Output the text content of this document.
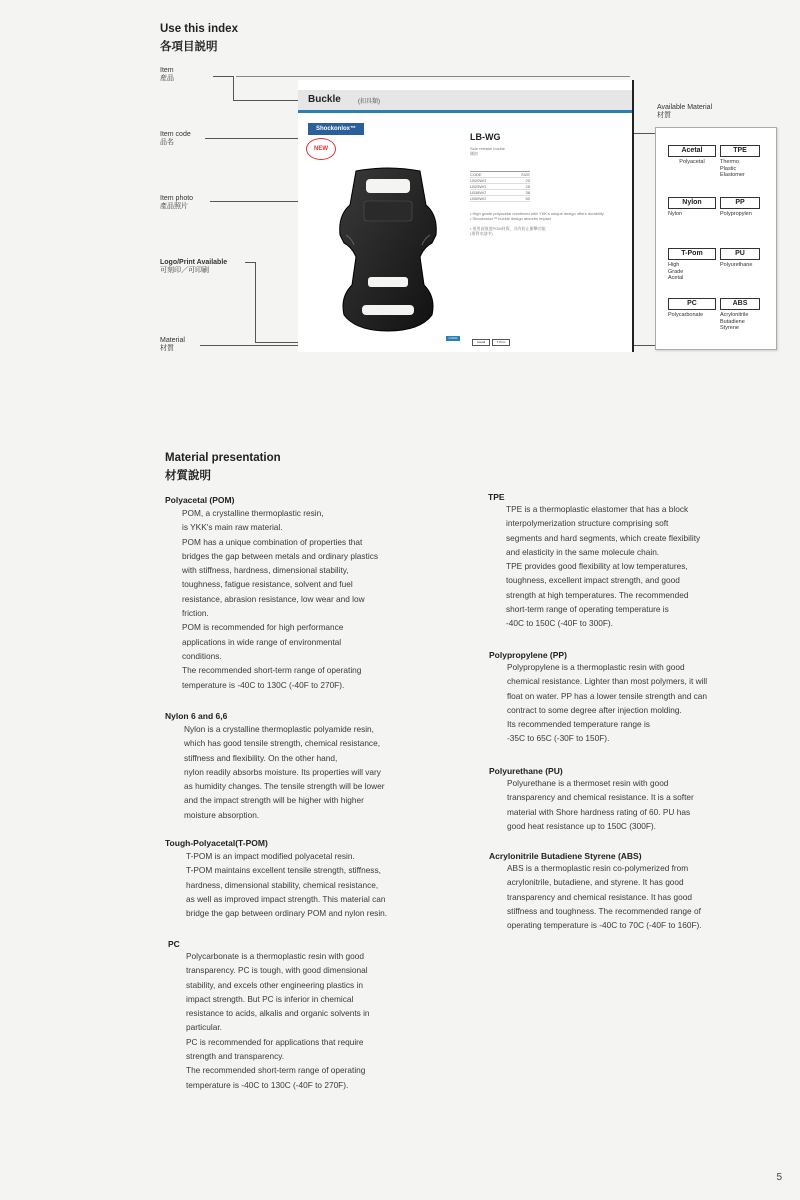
Use this index
各項目説明
Item
産品
Item code
品名
Item photo
產品照片
Logo/Print Available
可刻印／可印刷
Material
材質
Buckle	(扣具類)
Shockonlox™
NEW
LB-WG
Side release buckle
側扣
CODE	SIZE
LB20WG	20
LB25WG	25
LB38WG	38
LB50WG	50
• High grade polyacetal combined with YKK's unique design offers durability
• Shockonlox™ buckle design absorbs impact

• 使用高強度POM材質，具有防止衝擊功能
(專利申請中)
LOGO
Acetal	T-Pom
Available Material
材質
Acetal
Polyacetal
TPE
Thermo
Plastic
Elastomer
Nylon
Nylon
PP
Polypropylen
T-Pom
High
Grade
Acetal
PU
Polyurethane
PC
Polycarbonate
ABS
Acrylonitrile
Butadiene
Styrene
Material presentation
材質說明
Polyacetal (POM)
POM, a crystalline thermoplastic resin,
is YKK's main raw material.
POM has a unique combination of properties that
bridges the gap between metals and ordinary plastics
with stiffness, hardness, dimensional stability,
toughness, fatigue resistance, solvent and fuel
resistance, abrasion resistance, low wear and low
friction.
POM is recommended for high performance
applications in wide range of environmental
conditions.
The recommended short-term range of operating
temperature is -40C to 130C (-40F to 270F).
Nylon 6 and 6,6
Nylon is a crystalline thermoplastic polyamide resin,
which has good tensile strength, chemical resistance,
stiffness and flexibility. On the other hand,
nylon readily absorbs moisture. Its properties will vary
as humidity changes. The tensile strength will be lower
and the impact strength will be higher with higher
moisture absorption.
Tough-Polyacetal(T-POM)
T-POM is an impact modified polyacetal resin.
T-POM maintains excellent tensile strength, stiffness,
hardness, dimensional stability, chemical resistance,
as well as improved impact strength. This material can
bridge the gap between ordinary POM and nylon resin.
PC
Polycarbonate is a thermoplastic resin with good
transparency. PC is tough, with good dimensional
stability, and excels other engineering plastics in
impact strength. But PC is inferior in chemical
resistance to acids, alkalis and organic solvents in
particular.
PC is recommended for applications that require
strength and transparency.
The recommended short-term range of operating
temperature is -40C to 130C (-40F to 270F).
TPE
TPE is a thermoplastic elastomer that has a block
interpolymerization structure comprising soft
segments and hard segments, which create flexibility
and elasticity in the same molecule chain.
TPE provides good flexibility at low temperatures,
toughness, excellent impact strength, and good
strength at high temperatures. The recommended
short-term range of operating temperature is
-40C to 150C (-40F to 300F).
Polypropylene (PP)
Polypropylene is a thermoplastic resin with good
chemical resistance. Lighter than most polymers, it will
float on water. PP has a lower tensile strength and can
contract to some degree after injection molding.
Its recommended temperature range is
-35C to 65C (-30F to 150F).
Polyurethane (PU)
Polyurethane is a thermoset resin with good
transparency and chemical resistance. It is a softer
material with Shore hardness rating of 60. PU has
good heat resistance up to 150C (300F).
Acrylonitrile Butadiene Styrene (ABS)
ABS is a thermoplastic resin co-polymerized from
acrylonitrile, butadiene, and styrene. It has good
transparency and chemical resistance. It has good
stiffness and toughness. The recommended range of
operating temperature is -40C to 70C (-40F to 160F).
5
